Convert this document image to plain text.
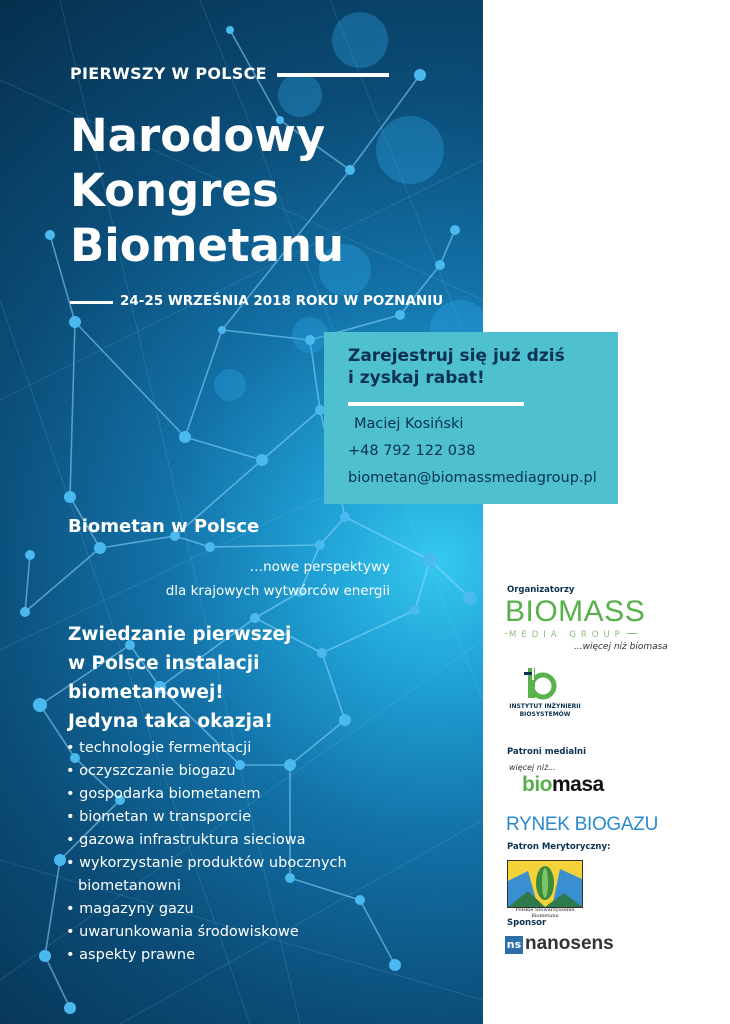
PIERWSZY W POLSCE
Narodowy
Kongres
Biometanu
24-25 WRZEŚNIA 2018 ROKU W POZNANIU
Biometan w Polsce
…nowe perspektywy
dla krajowych wytwórców energii
Zwiedzanie pierwszej
w Polsce instalacji
biometanowej!
Jedyna taka okazja!
• technologie fermentacji
• oczyszczanie biogazu
• gospodarka biometanem
• biometan w transporcie
• gazowa infrastruktura sieciowa
• wykorzystanie produktów ubocznych
biometanowni
• magazyny gazu
• uwarunkowania środowiskowe
• aspekty prawne
Zarejestruj się już dziś
i zyskaj rabat!
Maciej Kosiński
+48 792 122 038
biometan@biomassmediagroup.pl
Organizatorzy
BIOMASS
MEDIA GROUP
...więcej niż biomasa
INSTYTUT INŻYNIERII BIOSYSTEMÓW
Patroni medialni
więcej niż...
biomasa
RYNEK BIOGAZU
Patron Merytoryczny:
Polskie Stowarzyszenie Biometanu
Sponsor
ns nanosens
